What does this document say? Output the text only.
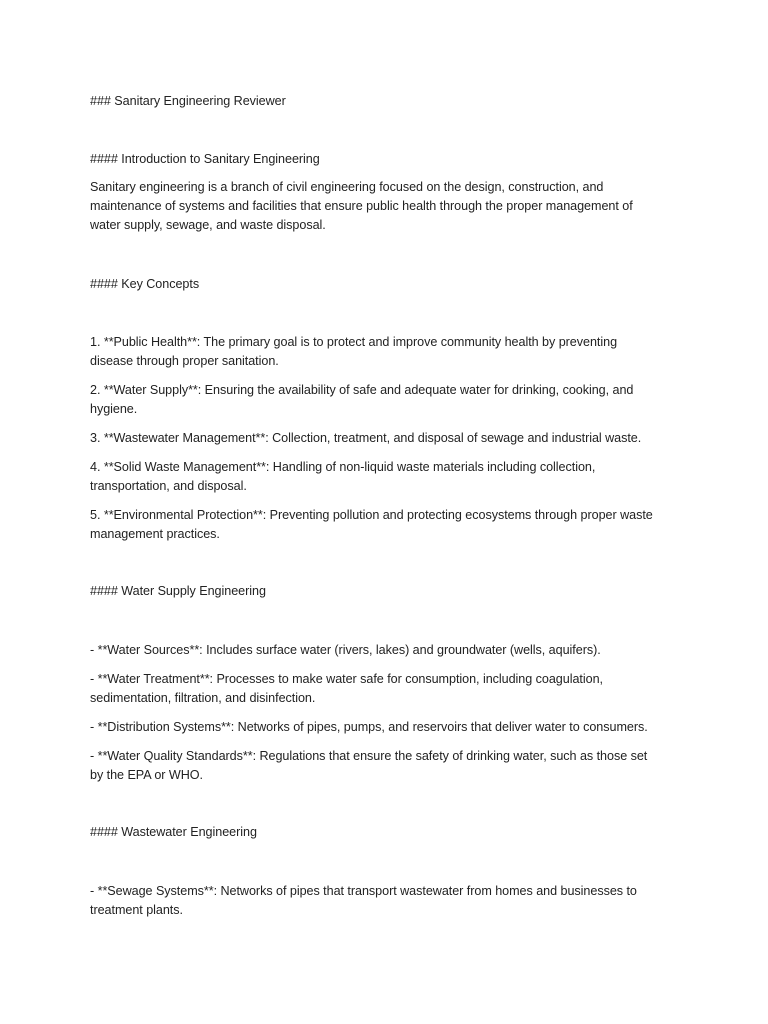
### Sanitary Engineering Reviewer
#### Introduction to Sanitary Engineering
Sanitary engineering is a branch of civil engineering focused on the design, construction, and
maintenance of systems and facilities that ensure public health through the proper management of
water supply, sewage, and waste disposal.
#### Key Concepts
1. **Public Health**: The primary goal is to protect and improve community health by preventing
disease through proper sanitation.
2. **Water Supply**: Ensuring the availability of safe and adequate water for drinking, cooking, and
hygiene.
3. **Wastewater Management**: Collection, treatment, and disposal of sewage and industrial waste.
4. **Solid Waste Management**: Handling of non-liquid waste materials including collection,
transportation, and disposal.
5. **Environmental Protection**: Preventing pollution and protecting ecosystems through proper waste
management practices.
#### Water Supply Engineering
- **Water Sources**: Includes surface water (rivers, lakes) and groundwater (wells, aquifers).
- **Water Treatment**: Processes to make water safe for consumption, including coagulation,
sedimentation, filtration, and disinfection.
- **Distribution Systems**: Networks of pipes, pumps, and reservoirs that deliver water to consumers.
- **Water Quality Standards**: Regulations that ensure the safety of drinking water, such as those set
by the EPA or WHO.
#### Wastewater Engineering
- **Sewage Systems**: Networks of pipes that transport wastewater from homes and businesses to
treatment plants.
